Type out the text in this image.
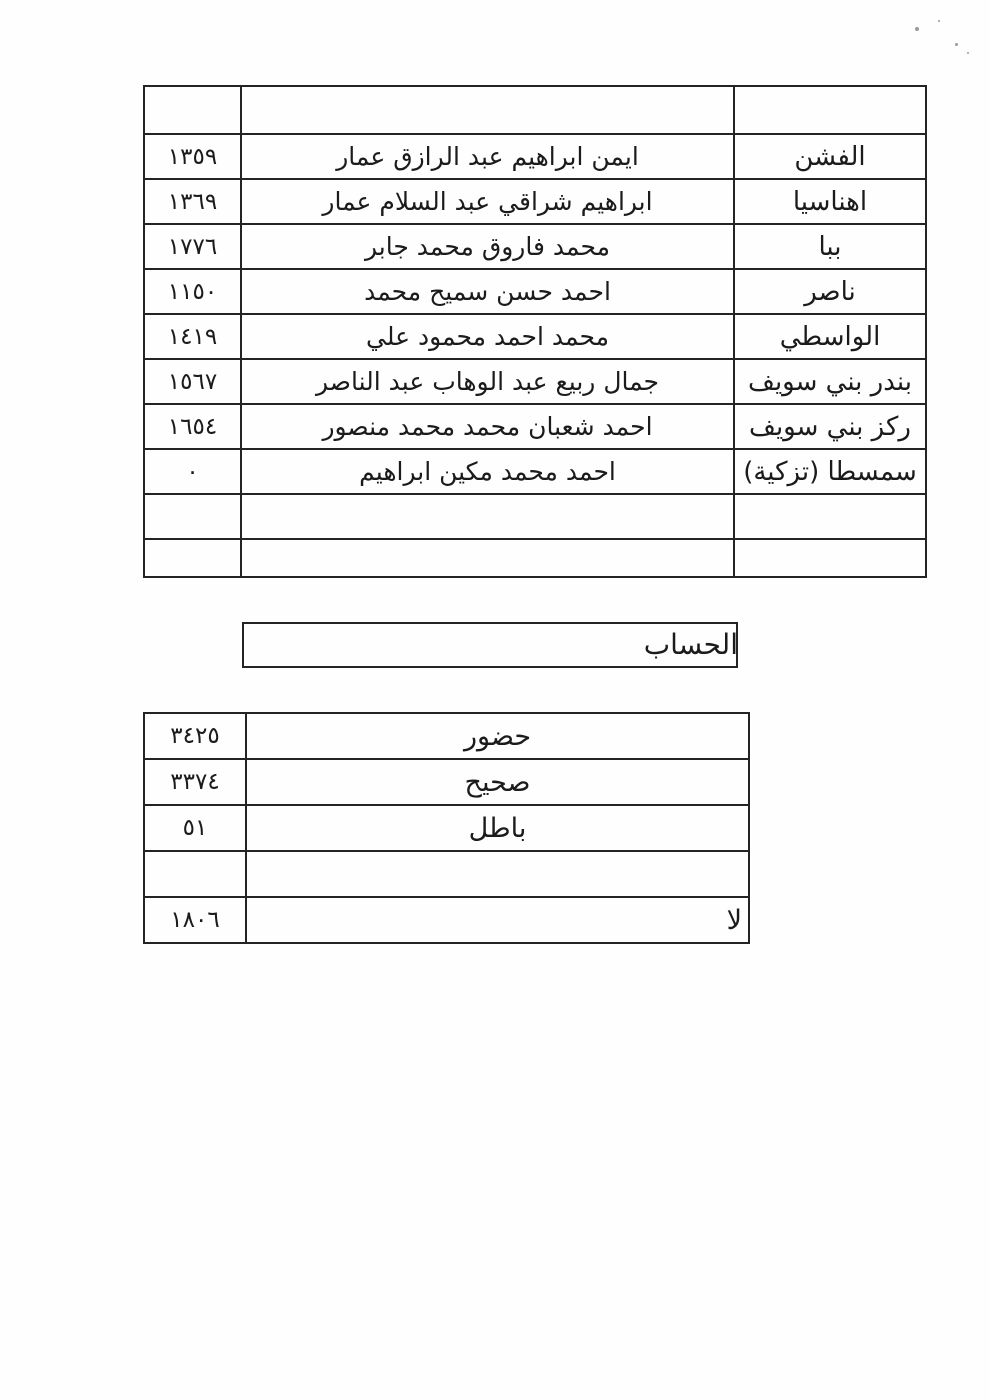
الفشن	ايمن ابراهيم عبد الرازق عمار	١٣٥٩
اهناسيا	ابراهيم شراقي عبد السلام عمار	١٣٦٩
ببا	محمد فاروق محمد جابر	١٧٧٦
ناصر	احمد حسن سميح محمد	١١٥٠
الواسطي	محمد احمد محمود علي	١٤١٩
بندر بني سويف	جمال ربيع عبد الوهاب عبد الناصر	١٥٦٧
ركز بني سويف	احمد شعبان محمد محمد منصور	١٦٥٤
سمسطا (تزكية)	احمد محمد مكين ابراهيم	٠

الحساب
حضور	٣٤٢٥
صحيح	٣٣٧٤
باطل	٥١

لا	١٨٠٦
